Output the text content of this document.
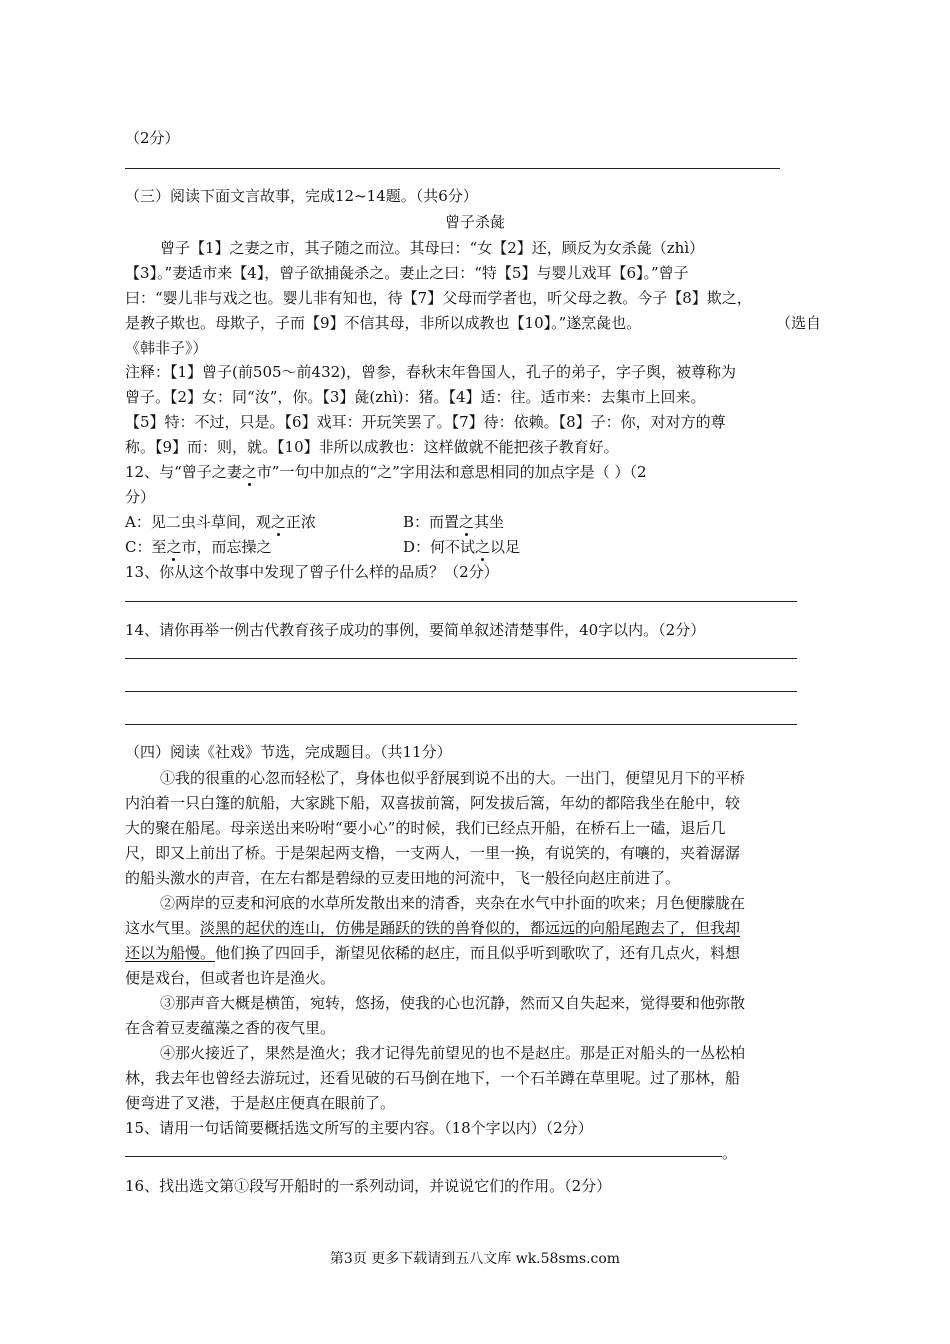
（2分）
（三）阅读下面文言故事，完成12~14题。（共6分）
曾子杀彘
曾子【1】之妻之市，其子随之而泣。其母曰：“女【2】还，顾反为女杀彘（zhì）
【3】。”妻适市来【4】，曾子欲捕彘杀之。妻止之曰：“特【5】与婴儿戏耳【6】。”曾子
曰：“婴儿非与戏之也。婴儿非有知也，待【7】父母而学者也，听父母之教。今子【8】欺之，
是教子欺也。母欺子，子而【9】不信其母，非所以成教也【10】。”遂烹彘也。	（选自
《韩非子》）
注释：【1】曾子(前505～前432)，曾参，春秋末年鲁国人，孔子的弟子，字子舆，被尊称为
曾子。【2】女：同“汝”，你。【3】彘(zhì)：猪。【4】适：往。适市来：去集市上回来。
【5】特：不过，只是。【6】戏耳：开玩笑罢了。【7】待：依赖。【8】子：你，对对方的尊
称。【9】而：则，就。【10】非所以成教也：这样做就不能把孩子教育好。
12、与“曾子之妻之市”一句中加点的“之”字用法和意思相同的加点字是（ ）（2
分）
A：见二虫斗草间，观之正浓	B：而置之其坐
C：至之市，而忘操之	D：何不试之以足
13、你从这个故事中发现了曾子什么样的品质？（2分）
14、请你再举一例古代教育孩子成功的事例，要简单叙述清楚事件，40字以内。（2分）
（四）阅读《社戏》节选，完成题目。（共11分）
①我的很重的心忽而轻松了，身体也似乎舒展到说不出的大。一出门，便望见月下的平桥
内泊着一只白篷的航船，大家跳下船，双喜拔前篙，阿发拔后篙，年幼的都陪我坐在舱中，较
大的聚在船尾。母亲送出来吩咐“要小心”的时候，我们已经点开船，在桥石上一磕，退后几
尺，即又上前出了桥。于是架起两支橹，一支两人，一里一换，有说笑的，有嚷的，夹着潺潺
的船头激水的声音，在左右都是碧绿的豆麦田地的河流中，飞一般径向赵庄前进了。
②两岸的豆麦和河底的水草所发散出来的清香，夹杂在水气中扑面的吹来；月色便朦胧在
这水气里。淡黑的起伏的连山，仿佛是踊跃的铁的兽脊似的，都远远的向船尾跑去了，但我却
还以为船慢。他们换了四回手，渐望见依稀的赵庄，而且似乎听到歌吹了，还有几点火，料想
便是戏台，但或者也许是渔火。
③那声音大概是横笛，宛转，悠扬，使我的心也沉静，然而又自失起来，觉得要和他弥散
在含着豆麦蕴藻之香的夜气里。
④那火接近了，果然是渔火；我才记得先前望见的也不是赵庄。那是正对船头的一丛松柏
林，我去年也曾经去游玩过，还看见破的石马倒在地下，一个石羊蹲在草里呢。过了那林，船
便弯进了叉港，于是赵庄便真在眼前了。
15、请用一句话简要概括选文所写的主要内容。（18个字以内）（2分）
。
16、找出选文第①段写开船时的一系列动词，并说说它们的作用。（2分）
第3页 更多下载请到五八文库 wk.58sms.com
